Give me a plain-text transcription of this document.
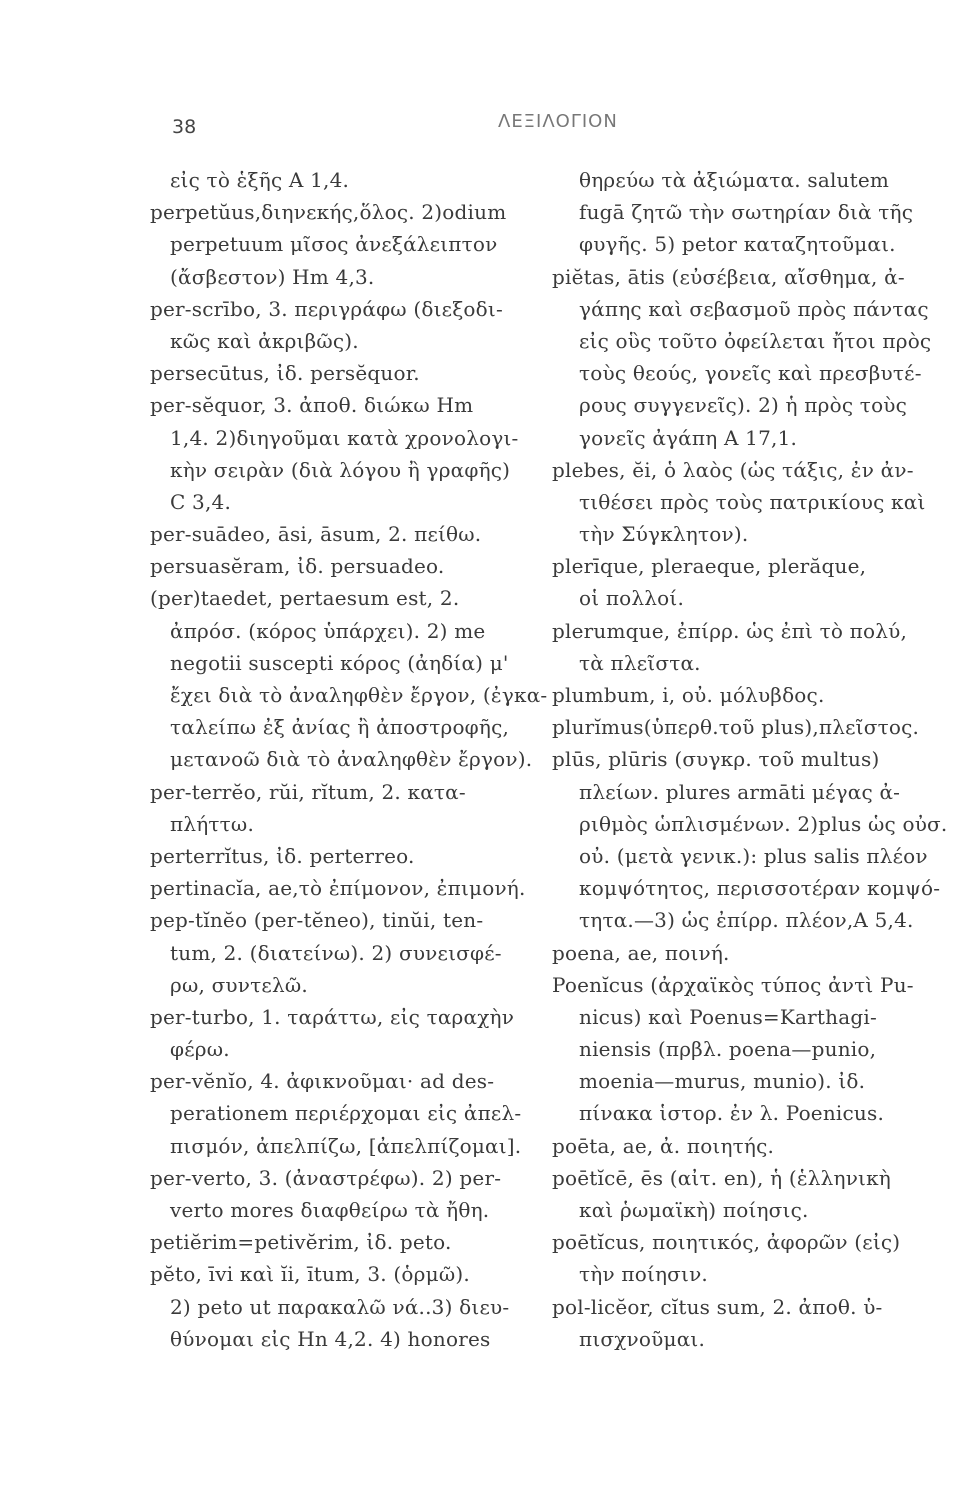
38	ΛΕΞΙΛΟΓΙΟΝ
εἰς τὸ ἑξῆς A 1,4.
perpetŭus,διηνεκής,ὅλος. 2)odium
perpetuum μῖσος ἀνεξάλειπτον
(ἄσβεστον) Hm 4,3.
per-scrībo, 3. περιγράφω (διεξοδι-
κῶς καὶ ἀκριβῶς).
persecūtus, ἰδ. persĕquor.
per-sĕquor, 3. ἀποθ. διώκω Hm
1,4. 2)διηγοῦμαι κατὰ χρονολογι-
κὴν σειρὰν (διὰ λόγου ἢ γραφῆς)
C 3,4.
per-suādeo, āsi, āsum, 2. πείθω.
persuasĕram, ἰδ. persuadeo.
(per)taedet, pertaesum est, 2.
ἀπρόσ. (κόρος ὑπάρχει). 2) me
negotii suscepti κόρος (ἀηδία) μ'
ἔχει διὰ τὸ ἀναληφθὲν ἔργον, (ἐγκα-
ταλείπω ἐξ ἀνίας ἢ ἀποστροφῆς,
μετανοῶ διὰ τὸ ἀναληφθὲν ἔργον).
per-terrĕo, rŭi, rĭtum, 2. κατα-
πλήττω.
perterrĭtus, ἰδ. perterreo.
pertinacĭa, ae,τὸ ἐπίμονον, ἐπιμονή.
pep-tĭnĕo (per-tĕneo), tinŭi, ten-
tum, 2. (διατείνω). 2) συνεισφέ-
ρω, συντελῶ.
per-turbo, 1. ταράττω, εἰς ταραχὴν
φέρω.
per-vĕnĭo, 4. ἀφικνοῦμαι· ad des-
perationem περιέρχομαι εἰς ἀπελ-
πισμόν, ἀπελπίζω, [ἀπελπίζομαι].
per-verto, 3. (ἀναστρέφω). 2) per-
verto mores διαφθείρω τὰ ἤθη.
petiĕrim=petivĕrim, ἰδ. peto.
pĕto, īvi καὶ ĭi, ītum, 3. (ὁρμῶ).
2) peto ut παρακαλῶ νά..3) διευ-
θύνομαι εἰς Hn 4,2. 4) honores
θηρεύω τὰ ἀξιώματα. salutem
fugā ζητῶ τὴν σωτηρίαν διὰ τῆς
φυγῆς. 5) petor καταζητοῦμαι.
piĕtas, ātis (εὐσέβεια, αἴσθημα, ἀ-
γάπης καὶ σεβασμοῦ πρὸς πάντας
εἰς οὓς τοῦτο ὀφείλεται ἤτοι πρὸς
τοὺς θεούς, γονεῖς καὶ πρεσβυτέ-
ρους συγγενεῖς). 2) ἡ πρὸς τοὺς
γονεῖς ἀγάπη A 17,1.
plebes, ĕi, ὁ λαὸς (ὡς τάξις, ἐν ἀν-
τιθέσει πρὸς τοὺς πατρικίους καὶ
τὴν Σύγκλητον).
plerīque, pleraeque, plerăque,
οἱ πολλοί.
plerumque, ἐπίρρ. ὡς ἐπὶ τὸ πολύ,
τὰ πλεῖστα.
plumbum, i, οὐ. μόλυβδος.
plurĭmus(ὑπερθ.τοῦ plus),πλεῖστος.
plūs, plūris (συγκρ. τοῦ multus)
πλείων. plures armāti μέγας ἀ-
ριθμὸς ὡπλισμένων. 2)plus ὡς οὐσ.
οὐ. (μετὰ γενικ.): plus salis πλέον
κομψότητος, περισσοτέραν κομψό-
τητα.—3) ὡς ἐπίρρ. πλέον,A 5,4.
poena, ae, ποινή.
Poenĭcus (ἀρχαϊκὸς τύπος ἀντὶ Pu-
nicus) καὶ Poenus=Karthagi-
niensis (πρβλ. poena—punio,
moenia—murus, munio). ἰδ.
πίνακα ἱστορ. ἐν λ. Poenicus.
poēta, ae, ἀ. ποιητής.
poētĭcē, ēs (αἰτ. en), ἡ (ἑλληνικὴ
καὶ ῥωμαϊκὴ) ποίησις.
poētĭcus, ποιητικός, ἀφορῶν (εἰς)
τὴν ποίησιν.
pol-licĕor, cĭtus sum, 2. ἀποθ. ὑ-
πισχνοῦμαι.
